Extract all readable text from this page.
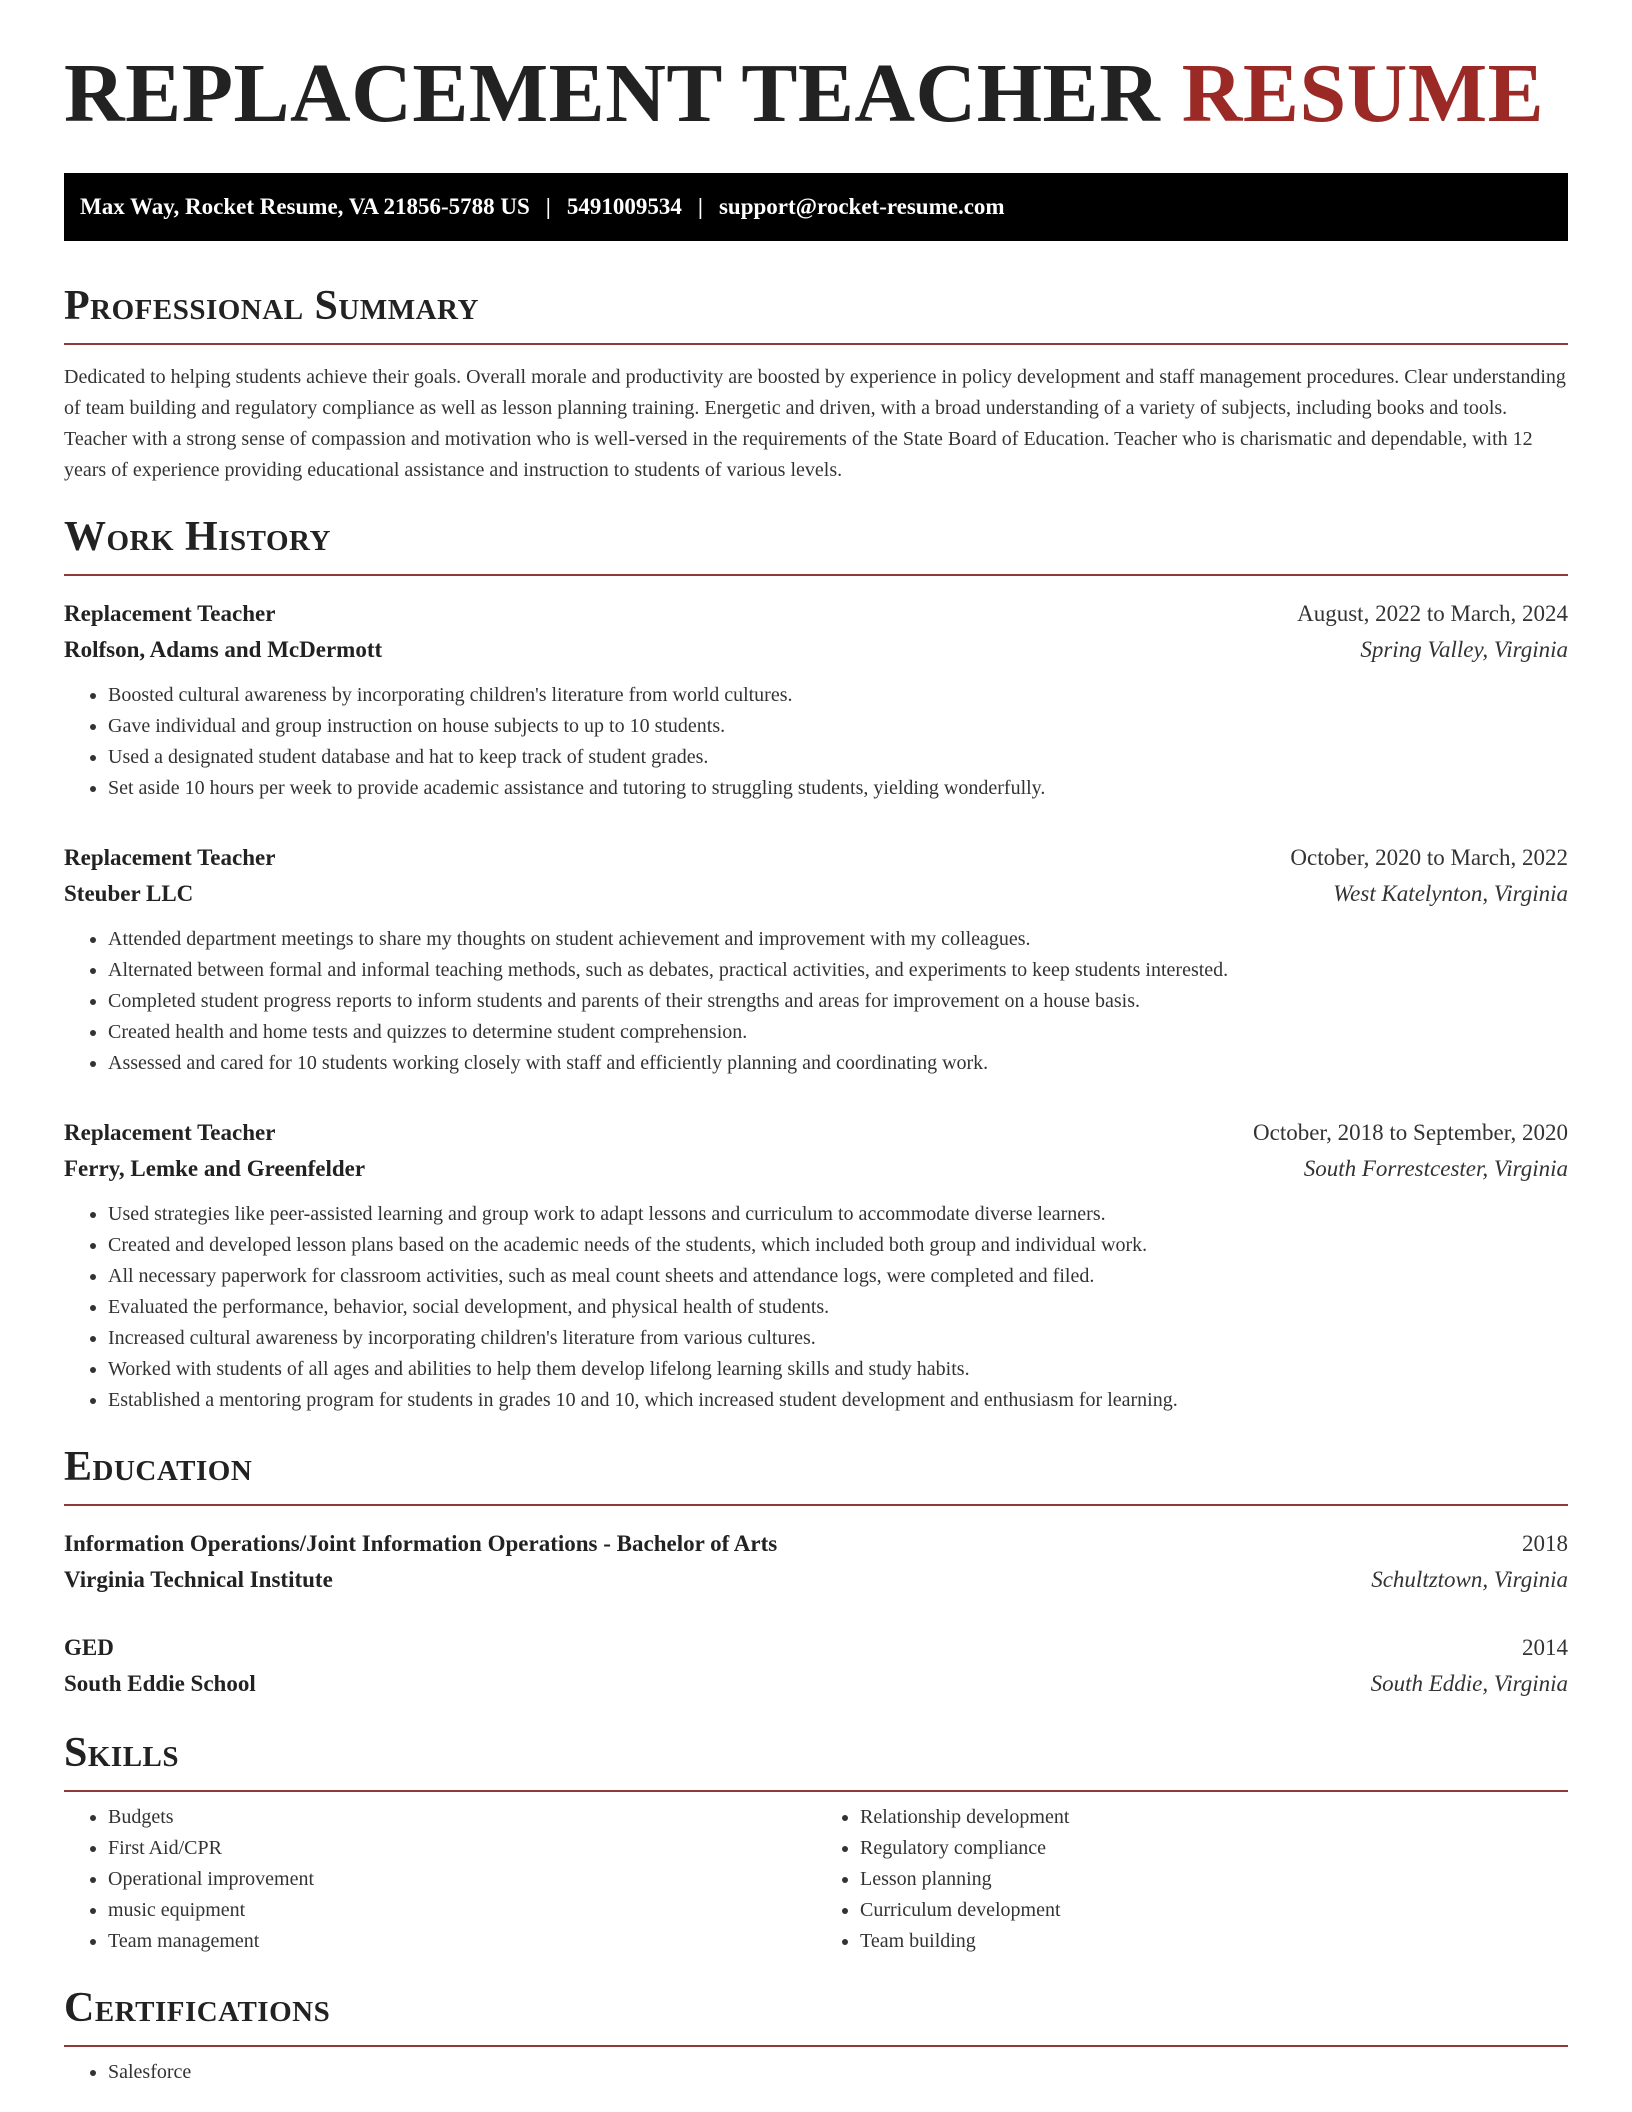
REPLACEMENT TEACHER RESUME
Max Way, Rocket Resume, VA 21856-5788 US | 5491009534 | support@rocket-resume.com
Professional Summary

Dedicated to helping students achieve their goals. Overall morale and productivity are boosted by experience in policy development and staff management procedures. Clear understanding of team building and regulatory compliance as well as lesson planning training. Energetic and driven, with a broad understanding of a variety of subjects, including books and tools. Teacher with a strong sense of compassion and motivation who is well-versed in the requirements of the State Board of Education. Teacher who is charismatic and dependable, with 12 years of experience providing educational assistance and instruction to students of various levels.

Work History
Replacement Teacher	August, 2022 to March, 2024
Rolfson, Adams and McDermott	Spring Valley, Virginia
• Boosted cultural awareness by incorporating children's literature from world cultures.
• Gave individual and group instruction on house subjects to up to 10 students.
• Used a designated student database and hat to keep track of student grades.
• Set aside 10 hours per week to provide academic assistance and tutoring to struggling students, yielding wonderfully.
Replacement Teacher	October, 2020 to March, 2022
Steuber LLC	West Katelynton, Virginia
• Attended department meetings to share my thoughts on student achievement and improvement with my colleagues.
• Alternated between formal and informal teaching methods, such as debates, practical activities, and experiments to keep students interested.
• Completed student progress reports to inform students and parents of their strengths and areas for improvement on a house basis.
• Created health and home tests and quizzes to determine student comprehension.
• Assessed and cared for 10 students working closely with staff and efficiently planning and coordinating work.
Replacement Teacher	October, 2018 to September, 2020
Ferry, Lemke and Greenfelder	South Forrestcester, Virginia
• Used strategies like peer-assisted learning and group work to adapt lessons and curriculum to accommodate diverse learners.
• Created and developed lesson plans based on the academic needs of the students, which included both group and individual work.
• All necessary paperwork for classroom activities, such as meal count sheets and attendance logs, were completed and filed.
• Evaluated the performance, behavior, social development, and physical health of students.
• Increased cultural awareness by incorporating children's literature from various cultures.
• Worked with students of all ages and abilities to help them develop lifelong learning skills and study habits.
• Established a mentoring program for students in grades 10 and 10, which increased student development and enthusiasm for learning.
Education
Information Operations/Joint Information Operations - Bachelor of Arts	2018
Virginia Technical Institute	Schultztown, Virginia
GED	2014
South Eddie School	South Eddie, Virginia
Skills
• Budgets
• First Aid/CPR
• Operational improvement
• music equipment
• Team management
• Relationship development
• Regulatory compliance
• Lesson planning
• Curriculum development
• Team building
Certifications
• Salesforce
